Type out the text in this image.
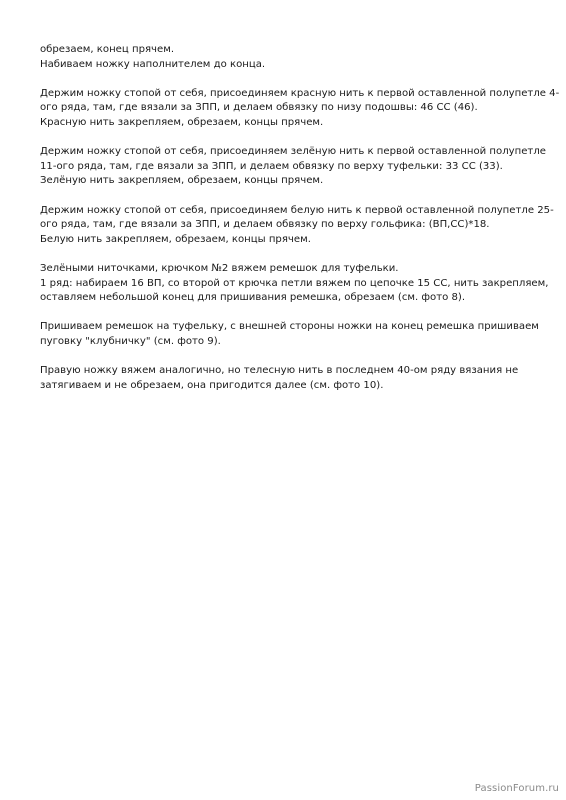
обрезаем, конец прячем.
Набиваем ножку наполнителем до конца.

Держим ножку стопой от себя, присоединяем красную нить к первой оставленной полупетле 4-
ого ряда, там, где вязали за ЗПП, и делаем обвязку по низу подошвы: 46 СС (46).
Красную нить закрепляем, обрезаем, концы прячем.

Держим ножку стопой от себя, присоединяем зелёную нить к первой оставленной полупетле
11-ого ряда, там, где вязали за ЗПП, и делаем обвязку по верху туфельки: 33 СС (33).
Зелёную нить закрепляем, обрезаем, концы прячем.

Держим ножку стопой от себя, присоединяем белую нить к первой оставленной полупетле 25-
ого ряда, там, где вязали за ЗПП, и делаем обвязку по верху гольфика: (ВП,СС)*18.
Белую нить закрепляем, обрезаем, концы прячем.

Зелёными ниточками, крючком №2 вяжем ремешок для туфельки.
1 ряд: набираем 16 ВП, со второй от крючка петли вяжем по цепочке 15 СС, нить закрепляем,
оставляем небольшой конец для пришивания ремешка, обрезаем (см. фото 8).

Пришиваем ремешок на туфельку, с внешней стороны ножки на конец ремешка пришиваем
пуговку "клубничку" (см. фото 9).

Правую ножку вяжем аналогично, но телесную нить в последнем 40-ом ряду вязания не
затягиваем и не обрезаем, она пригодится далее (см. фото 10).

PassionForum.ru
